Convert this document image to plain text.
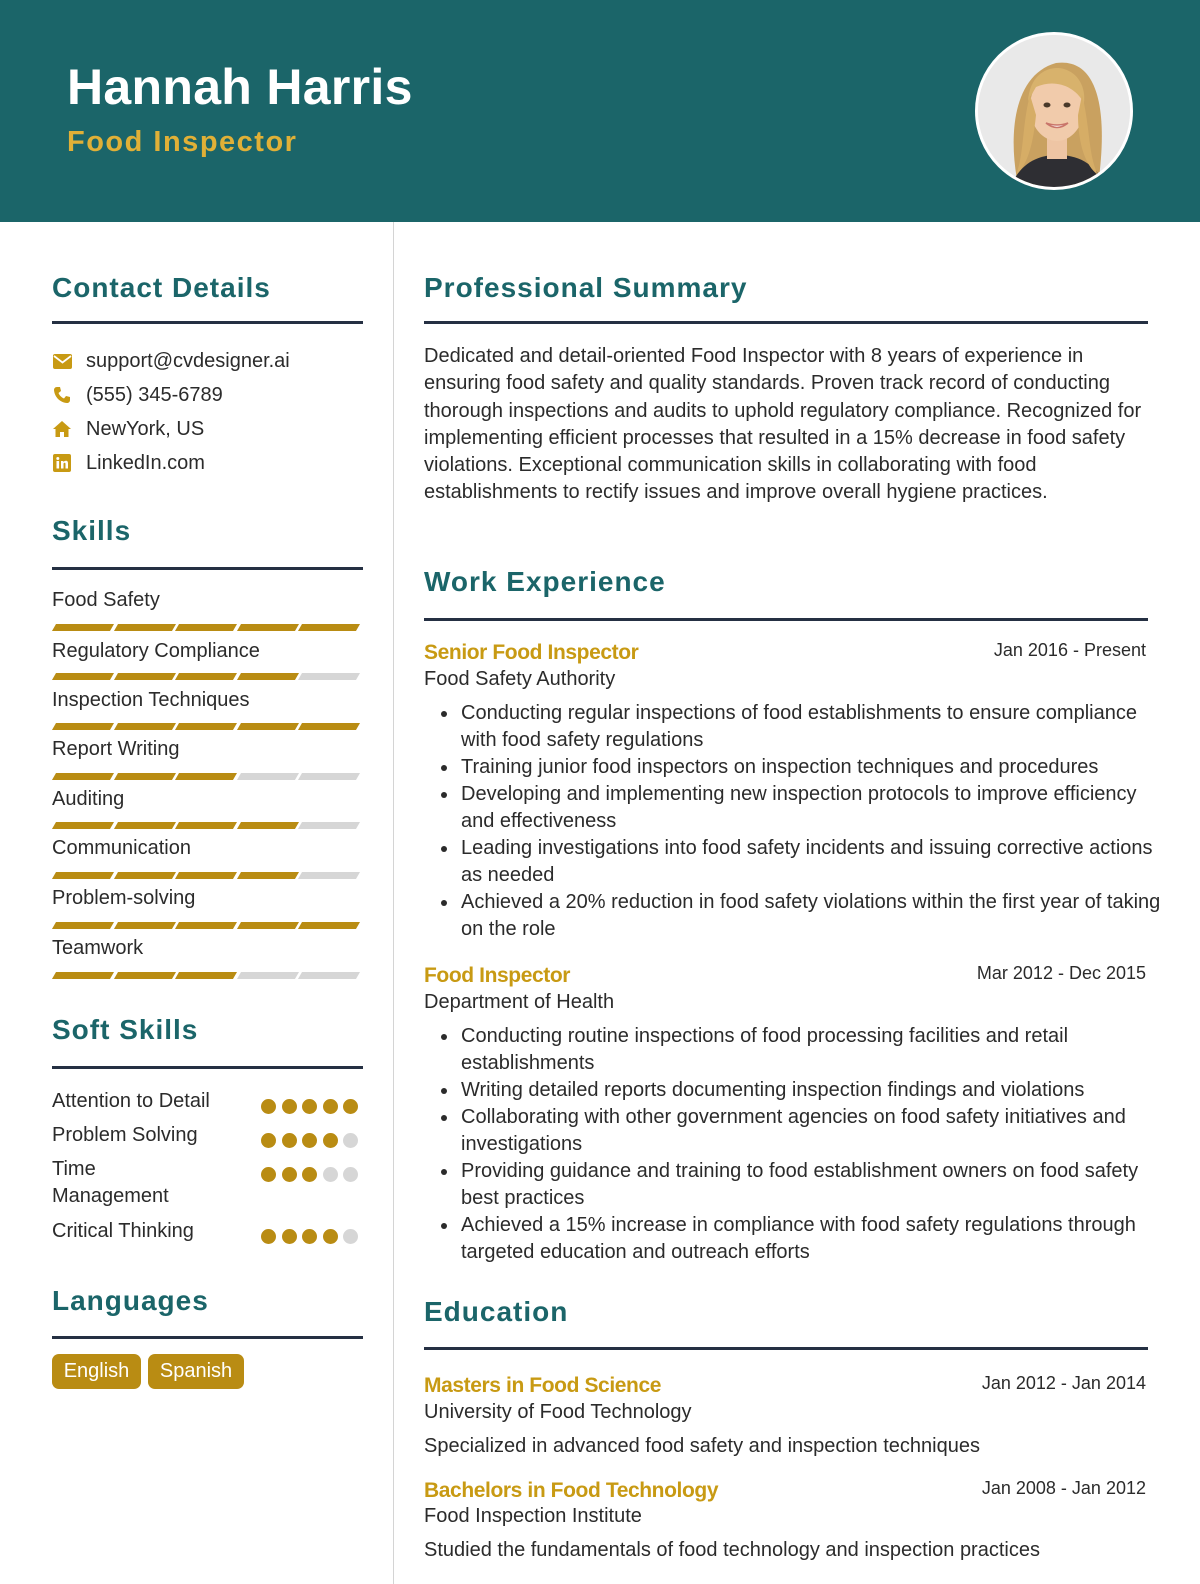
Hannah Harris
Food Inspector
Contact Details
support@cvdesigner.ai
(555) 345-6789
NewYork, US
LinkedIn.com
Skills
Food Safety
Regulatory Compliance
Inspection Techniques
Report Writing
Auditing
Communication
Problem-solving
Teamwork
Soft Skills
Attention to Detail
Problem Solving
Time Management
Critical Thinking
Languages
English	Spanish
Professional Summary

Dedicated and detail-oriented Food Inspector with 8 years of experience in ensuring food safety and quality standards. Proven track record of conducting thorough inspections and audits to uphold regulatory compliance. Recognized for implementing efficient processes that resulted in a 15% decrease in food safety violations. Exceptional communication skills in collaborating with food establishments to rectify issues and improve overall hygiene practices.

Work Experience
Senior Food Inspector	Jan 2016 - Present
Food Safety Authority
Conducting regular inspections of food establishments to ensure compliance with food safety regulations
Training junior food inspectors on inspection techniques and procedures
Developing and implementing new inspection protocols to improve efficiency and effectiveness
Leading investigations into food safety incidents and issuing corrective actions as needed
Achieved a 20% reduction in food safety violations within the first year of taking on the role
Food Inspector	Mar 2012 - Dec 2015
Department of Health
Conducting routine inspections of food processing facilities and retail establishments
Writing detailed reports documenting inspection findings and violations
Collaborating with other government agencies on food safety initiatives and investigations
Providing guidance and training to food establishment owners on food safety best practices
Achieved a 15% increase in compliance with food safety regulations through targeted education and outreach efforts
Education
Masters in Food Science	Jan 2012 - Jan 2014
University of Food Technology
Specialized in advanced food safety and inspection techniques
Bachelors in Food Technology	Jan 2008 - Jan 2012
Food Inspection Institute
Studied the fundamentals of food technology and inspection practices
